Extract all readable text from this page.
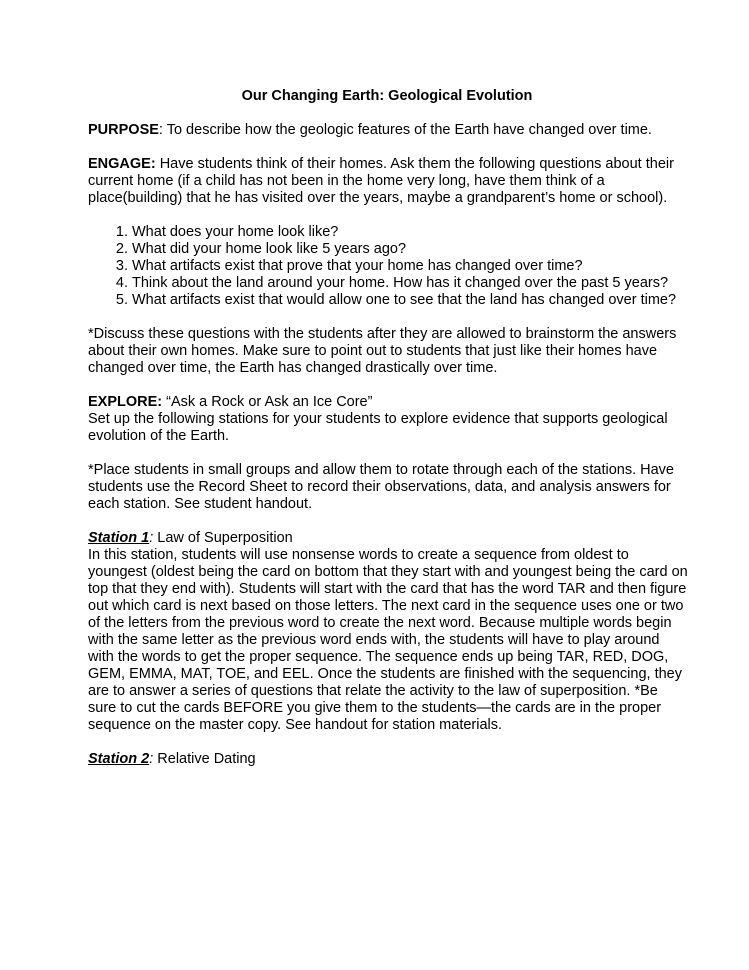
Our Changing Earth: Geological Evolution

PURPOSE: To describe how the geologic features of the Earth have changed over time.

ENGAGE: Have students think of their homes. Ask them the following questions about their current home (if a child has not been in the home very long, have them think of a place(building) that he has visited over the years, maybe a grandparent’s home or school).

1. What does your home look like?
2. What did your home look like 5 years ago?
3. What artifacts exist that prove that your home has changed over time?
4. Think about the land around your home. How has it changed over the past 5 years?
5. What artifacts exist that would allow one to see that the land has changed over time?

*Discuss these questions with the students after they are allowed to brainstorm the answers about their own homes. Make sure to point out to students that just like their homes have changed over time, the Earth has changed drastically over time.

EXPLORE: “Ask a Rock or Ask an Ice Core”
Set up the following stations for your students to explore evidence that supports geological evolution of the Earth.

*Place students in small groups and allow them to rotate through each of the stations. Have students use the Record Sheet to record their observations, data, and analysis answers for each station. See student handout.

Station 1: Law of Superposition
In this station, students will use nonsense words to create a sequence from oldest to youngest (oldest being the card on bottom that they start with and youngest being the card on top that they end with). Students will start with the card that has the word TAR and then figure out which card is next based on those letters. The next card in the sequence uses one or two of the letters from the previous word to create the next word. Because multiple words begin with the same letter as the previous word ends with, the students will have to play around with the words to get the proper sequence. The sequence ends up being TAR, RED, DOG, GEM, EMMA, MAT, TOE, and EEL. Once the students are finished with the sequencing, they are to answer a series of questions that relate the activity to the law of superposition. *Be sure to cut the cards BEFORE you give them to the students—the cards are in the proper sequence on the master copy. See handout for station materials.

Station 2: Relative Dating
